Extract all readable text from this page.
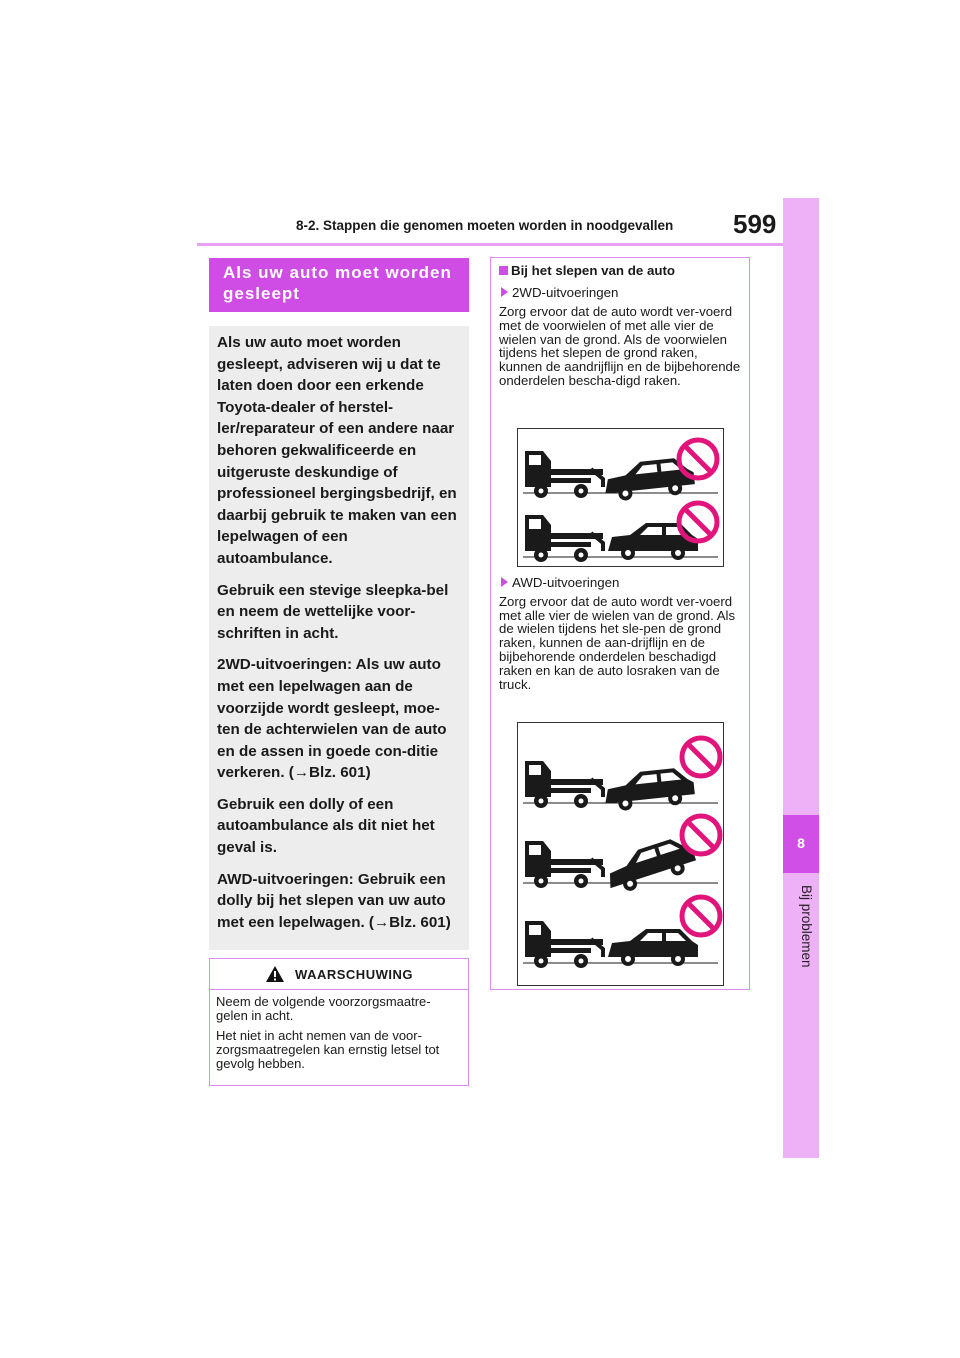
8-2. Stappen die genomen moeten worden in noodgevallen 599
8
Bij problemen
Als uw auto moet worden gesleept

Als uw auto moet worden gesleept, adviseren wij u dat te laten doen door een erkende Toyota-dealer of herstel-ler/reparateur of een andere naar behoren gekwalificeerde en uitgeruste deskundige of professioneel bergingsbedrijf, en daarbij gebruik te maken van een lepelwagen of een autoambulance.

Gebruik een stevige sleepka-bel en neem de wettelijke voor-schriften in acht.

2WD-uitvoeringen: Als uw auto met een lepelwagen aan de voorzijde wordt gesleept, moe-ten de achterwielen van de auto en de assen in goede con-ditie verkeren. (→Blz. 601)

Gebruik een dolly of een autoambulance als dit niet het geval is.

AWD-uitvoeringen: Gebruik een dolly bij het slepen van uw auto met een lepelwagen. (→Blz. 601)

WAARSCHUWING

Neem de volgende voorzorgsmaatre-gelen in acht.

Het niet in acht nemen van de voor-zorgsmaatregelen kan ernstig letsel tot gevolg hebben.

Bij het slepen van de auto
2WD-uitvoeringen

Zorg ervoor dat de auto wordt ver-voerd met de voorwielen of met alle vier de wielen van de grond. Als de voorwielen tijdens het slepen de grond raken, kunnen de aandrijflijn en de bijbehorende onderdelen bescha-digd raken.

AWD-uitvoeringen

Zorg ervoor dat de auto wordt ver-voerd met alle vier de wielen van de grond. Als de wielen tijdens het sle-pen de grond raken, kunnen de aan-drijflijn en de bijbehorende onderdelen beschadigd raken en kan de auto losraken van de truck.
